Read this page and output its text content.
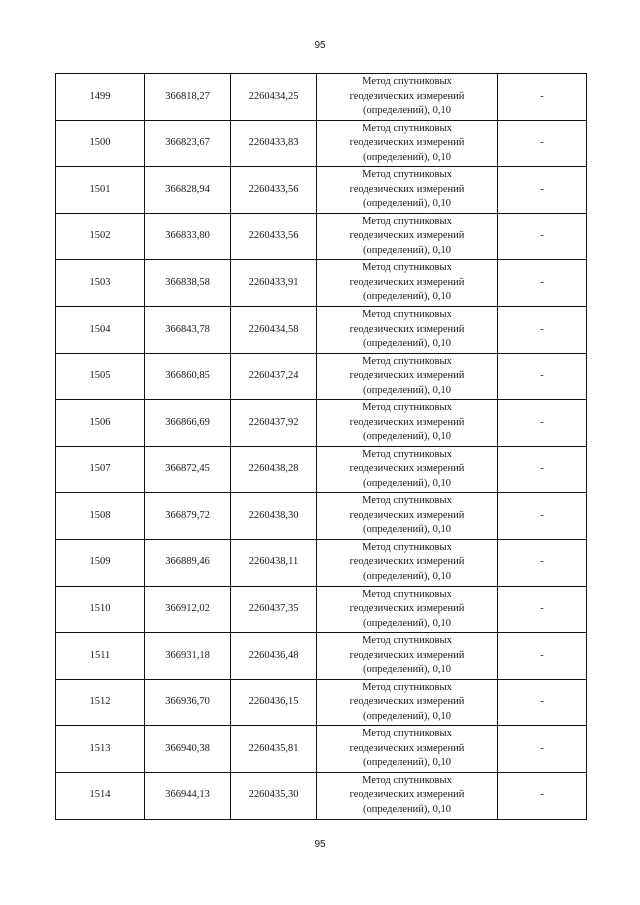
95
1499	366818,27	2260434,25	Метод спутниковых
геодезических измерений
(определений), 0,10	-
1500	366823,67	2260433,83	Метод спутниковых
геодезических измерений
(определений), 0,10	-
1501	366828,94	2260433,56	Метод спутниковых
геодезических измерений
(определений), 0,10	-
1502	366833,80	2260433,56	Метод спутниковых
геодезических измерений
(определений), 0,10	-
1503	366838,58	2260433,91	Метод спутниковых
геодезических измерений
(определений), 0,10	-
1504	366843,78	2260434,58	Метод спутниковых
геодезических измерений
(определений), 0,10	-
1505	366860,85	2260437,24	Метод спутниковых
геодезических измерений
(определений), 0,10	-
1506	366866,69	2260437,92	Метод спутниковых
геодезических измерений
(определений), 0,10	-
1507	366872,45	2260438,28	Метод спутниковых
геодезических измерений
(определений), 0,10	-
1508	366879,72	2260438,30	Метод спутниковых
геодезических измерений
(определений), 0,10	-
1509	366889,46	2260438,11	Метод спутниковых
геодезических измерений
(определений), 0,10	-
1510	366912,02	2260437,35	Метод спутниковых
геодезических измерений
(определений), 0,10	-
1511	366931,18	2260436,48	Метод спутниковых
геодезических измерений
(определений), 0,10	-
1512	366936,70	2260436,15	Метод спутниковых
геодезических измерений
(определений), 0,10	-
1513	366940,38	2260435,81	Метод спутниковых
геодезических измерений
(определений), 0,10	-
1514	366944,13	2260435,30	Метод спутниковых
геодезических измерений
(определений), 0,10	-
95
